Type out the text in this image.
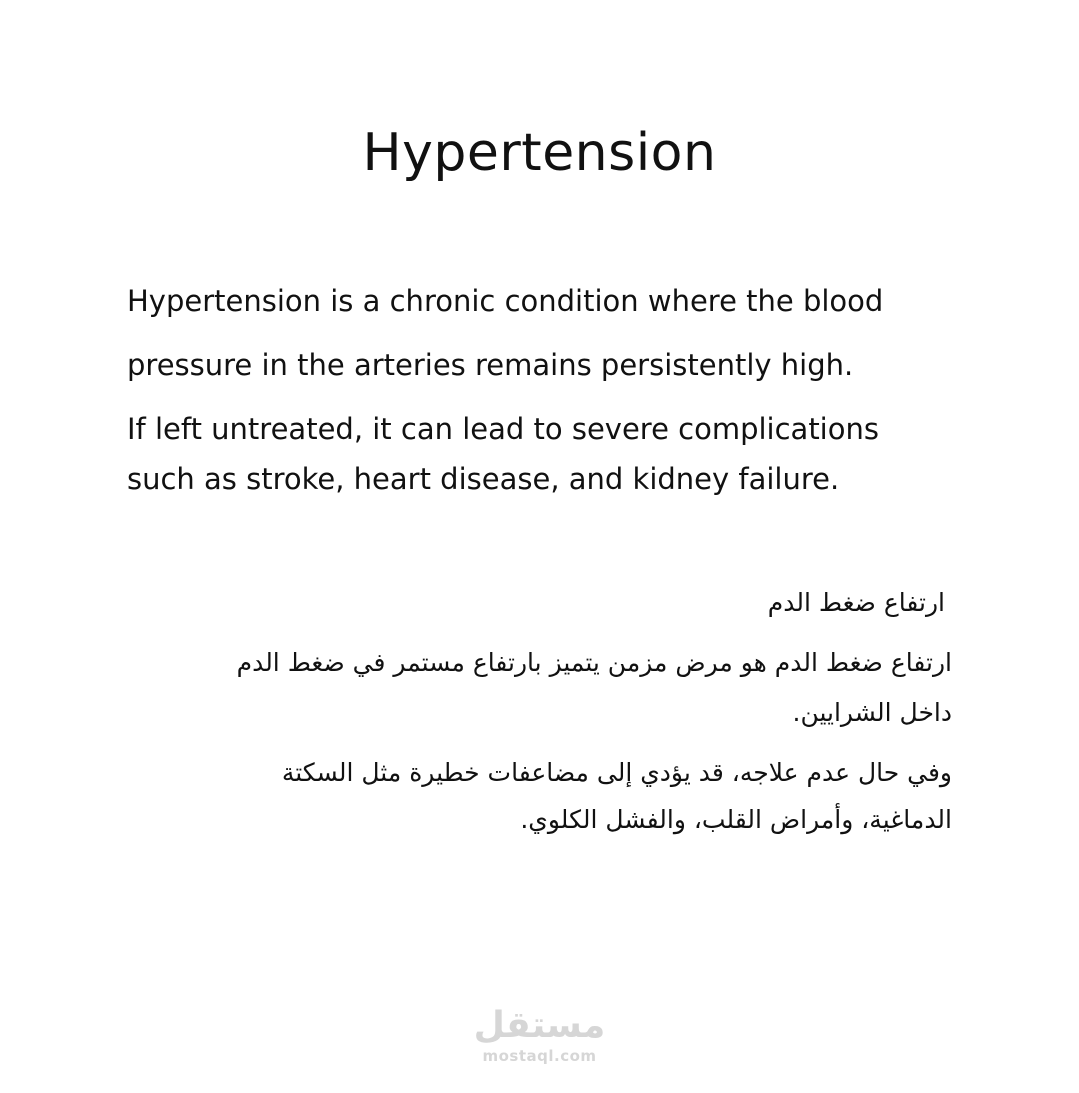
Hypertension

Hypertension is a chronic condition where the blood

pressure in the arteries remains persistently high.

If left untreated, it can lead to severe complications

such as stroke, heart disease, and kidney failure.

ارتفاع ضغط الدم

ارتفاع ضغط الدم هو مرض مزمن يتميز بارتفاع مستمر في ضغط الدم

داخل الشرايين.

وفي حال عدم علاجه، قد يؤدي إلى مضاعفات خطيرة مثل السكتة

الدماغية، وأمراض القلب، والفشل الكلوي.

مستقل
mostaql.com
